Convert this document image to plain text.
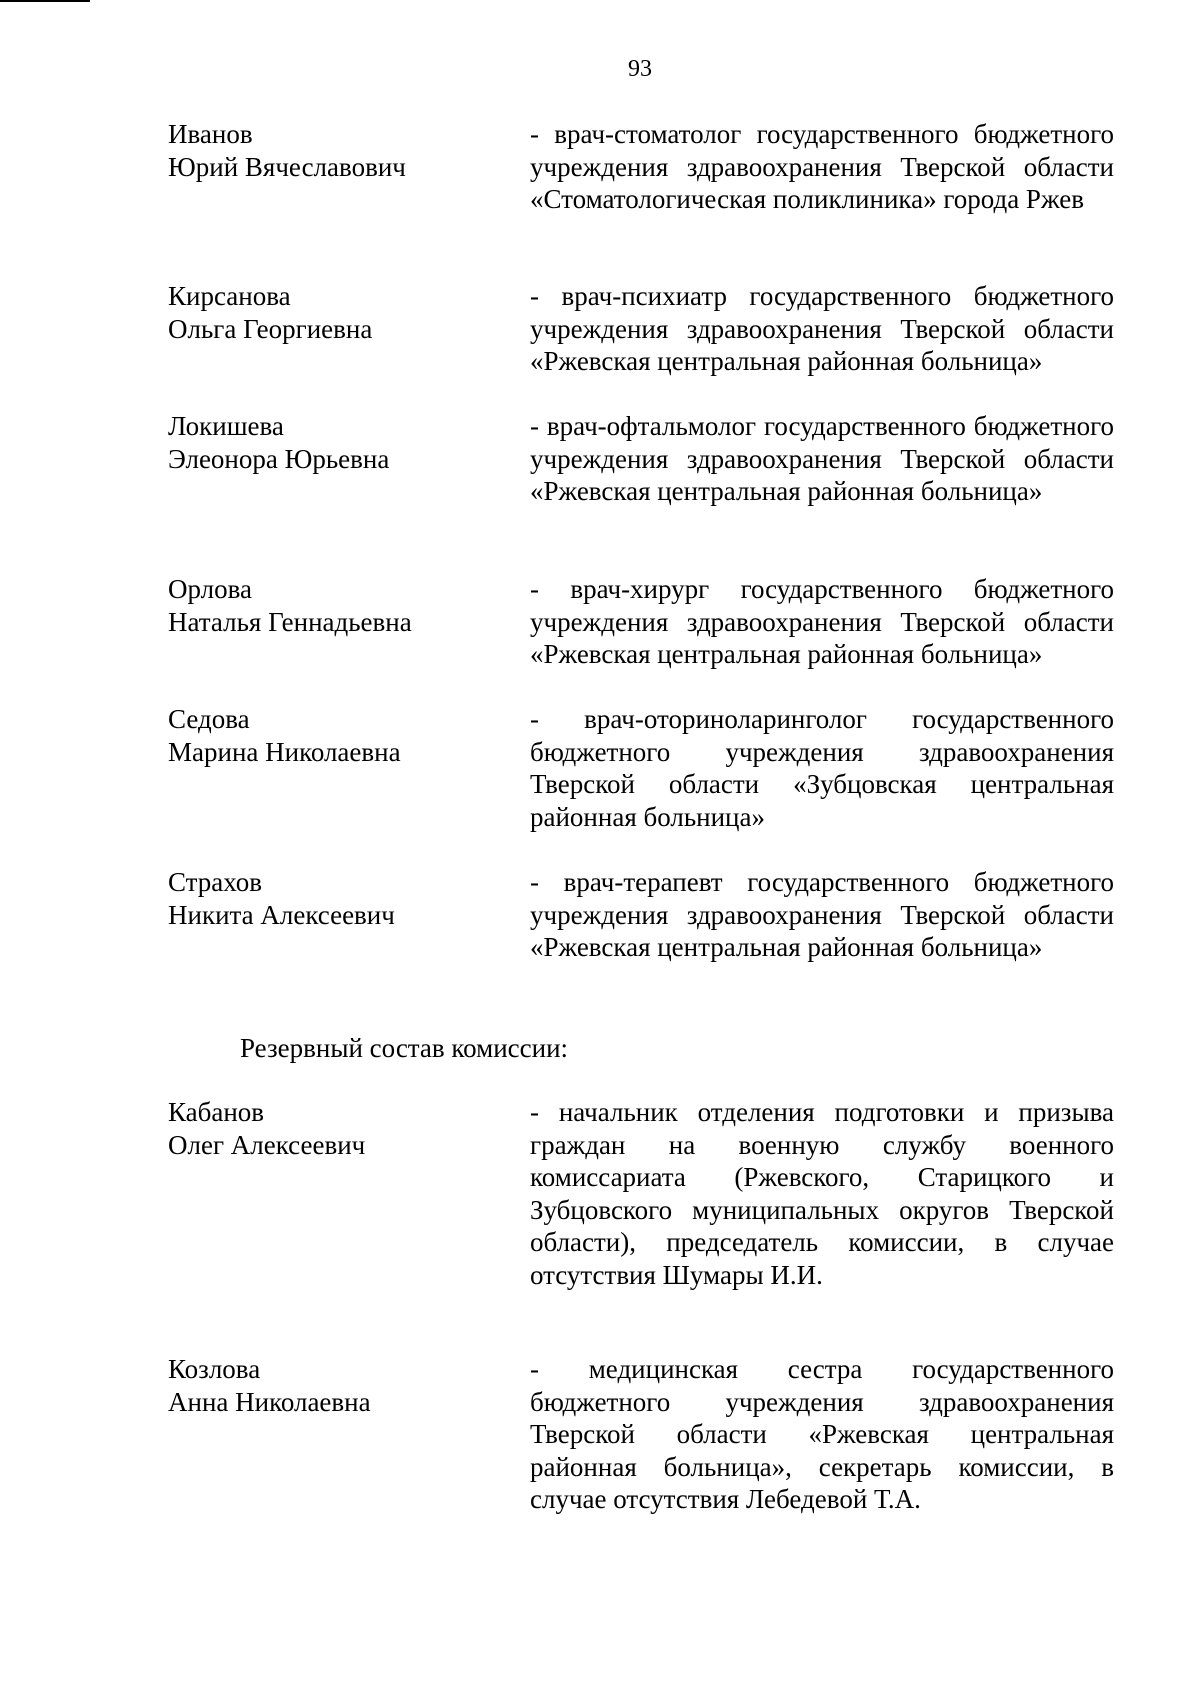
93
Иванов
Юрий Вячеславович

- врач-стоматолог государственного бюджетного учреждения здравоохранения Тверской области «Стоматологическая поликлиника» города Ржев

Кирсанова
Ольга Георгиевна

- врач-психиатр государственного бюджетного учреждения здравоохранения Тверской области «Ржевская центральная районная больница»

Локишева
Элеонора Юрьевна

- врач-офтальмолог государственного бюджетного учреждения здравоохранения Тверской области «Ржевская центральная районная больница»

Орлова
Наталья Геннадьевна

- врач-хирург государственного бюджетного учреждения здравоохранения Тверской области «Ржевская центральная районная больница»

Седова
Марина Николаевна

- врач-оториноларинголог государственного бюджетного учреждения здравоохранения Тверской области «Зубцовская центральная районная больница»

Страхов
Никита Алексеевич

- врач-терапевт государственного бюджетного учреждения здравоохранения Тверской области «Ржевская центральная районная больница»

Резервный состав комиссии:
Кабанов
Олег Алексеевич

- начальник отделения подготовки и призыва граждан на военную службу военного комиссариата (Ржевского, Старицкого и Зубцовского муниципальных округов Тверской области), председатель комиссии, в случае отсутствия Шумары И.И.

Козлова
Анна Николаевна

- медицинская сестра государственного бюджетного учреждения здравоохранения Тверской области «Ржевская центральная районная больница», секретарь комиссии, в случае отсутствия Лебедевой Т.А.
